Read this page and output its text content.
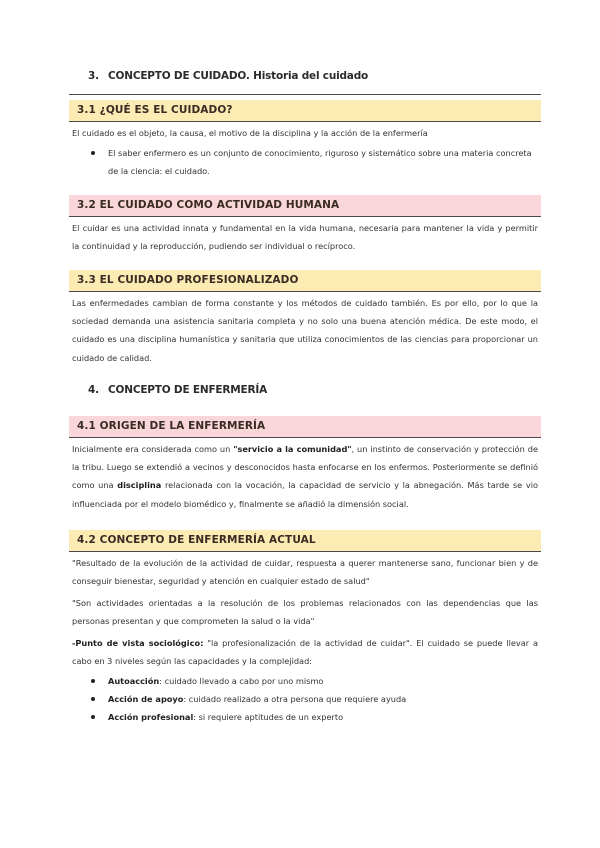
3. CONCEPTO DE CUIDADO. Historia del cuidado
3.1 ¿QUÉ ES EL CUIDADO?
El cuidado es el objeto, la causa, el motivo de la disciplina y la acción de la enfermería
El saber enfermero es un conjunto de conocimiento, riguroso y sistemático sobre una materia concreta de la ciencia: el cuidado.
3.2 EL CUIDADO COMO ACTIVIDAD HUMANA
El cuidar es una actividad innata y fundamental en la vida humana, necesaria para mantener la vida y permitir la continuidad y la reproducción, pudiendo ser individual o recíproco.
3.3 EL CUIDADO PROFESIONALIZADO
Las enfermedades cambian de forma constante y los métodos de cuidado también. Es por ello, por lo que la sociedad demanda una asistencia sanitaria completa y no solo una buena atención médica. De este modo, el cuidado es una disciplina humanística y sanitaria que utiliza conocimientos de las ciencias para proporcionar un cuidado de calidad.
4. CONCEPTO DE ENFERMERÍA
4.1 ORIGEN DE LA ENFERMERÍA
Inicialmente era considerada como un "servicio a la comunidad", un instinto de conservación y protección de la tribu. Luego se extendió a vecinos y desconocidos hasta enfocarse en los enfermos. Posteriormente se definió como una disciplina relacionada con la vocación, la capacidad de servicio y la abnegación. Más tarde se vio influenciada por el modelo biomédico y, finalmente se añadió la dimensión social.
4.2 CONCEPTO DE ENFERMERÍA ACTUAL
"Resultado de la evolución de la actividad de cuidar, respuesta a querer mantenerse sano, funcionar bien y de conseguir bienestar, seguridad y atención en cualquier estado de salud"
"Son actividades orientadas a la resolución de los problemas relacionados con las dependencias que las personas presentan y que comprometen la salud o la vida"
-Punto de vista sociológico: "la profesionalización de la actividad de cuidar". El cuidado se puede llevar a cabo en 3 niveles según las capacidades y la complejidad:
Autoacción: cuidado llevado a cabo por uno mismo
Acción de apoyo: cuidado realizado a otra persona que requiere ayuda
Acción profesional: si requiere aptitudes de un experto
